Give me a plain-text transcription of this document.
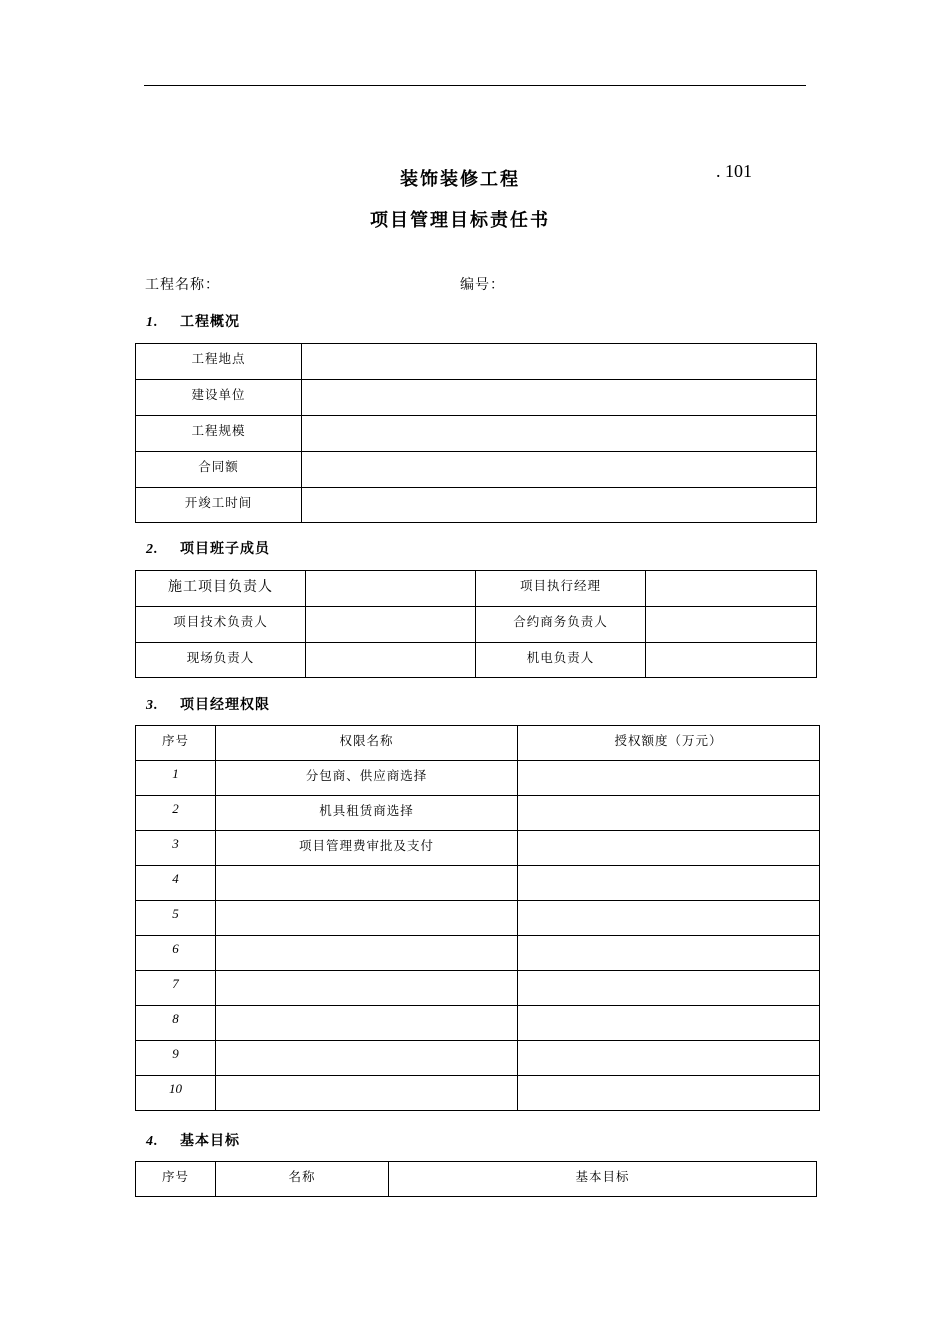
装饰装修工程	. 101
项目管理目标责任书
工程名称：	编号：
1. 工程概况
工程地点	
建设单位	
工程规模	
合同额	
开竣工时间	
2. 项目班子成员
施工项目负责人		项目执行经理	
项目技术负责人		合约商务负责人	
现场负责人		机电负责人	
3. 项目经理权限
序号	权限名称	授权额度（万元）
1	分包商、供应商选择	
2	机具租赁商选择	
3	项目管理费审批及支付	
4		
5		
6		
7		
8		
9		
10		
4. 基本目标
序号	名称	基本目标
